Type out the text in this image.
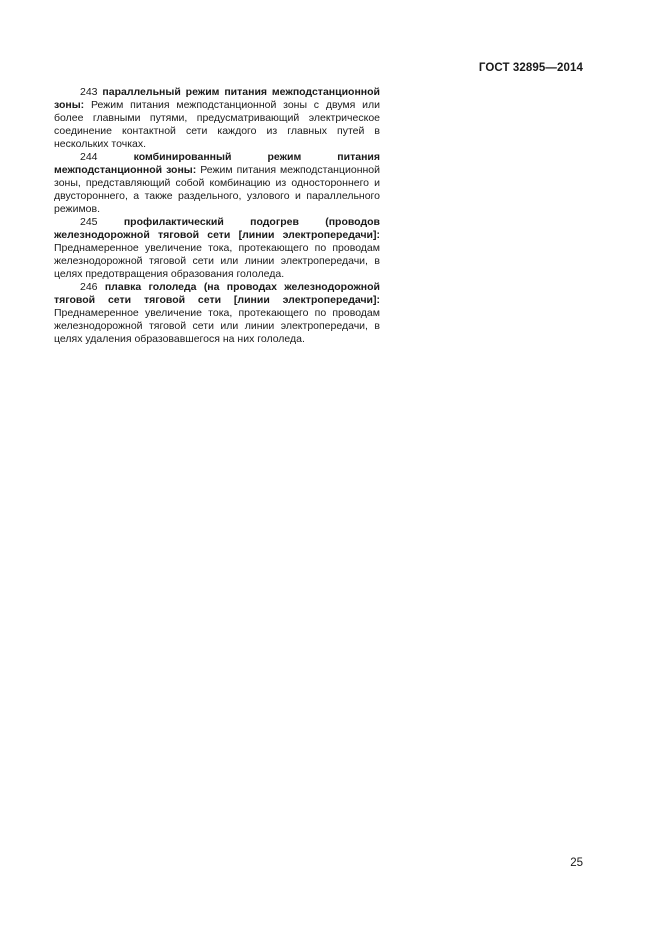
ГОСТ 32895—2014

243 параллельный режим питания межподстанционной зоны: Режим питания межподстанционной зоны с двумя или более главными путями, предусматривающий электрическое соединение контактной сети каждого из главных путей в нескольких точках.

244	комбинированный режим питания межподстанционной зоны: Режим питания межподстанционной зоны, представляющий собой комбинацию из одностороннего и двустороннего, а также раздельного, узлового и параллельного режимов.

245	профилактический подогрев (проводов железнодорожной тяговой сети [линии электропередачи]: Преднамеренное увеличение тока, протекающего по проводам железнодорожной тяговой сети или линии электропередачи, в целях предотвращения образования гололеда.

246 плавка гололеда (на проводах железнодорожной тяговой сети тяговой сети [линии электропередачи]: Преднамеренное увеличение тока, протекающего по проводам железнодорожной тяговой сети или линии электропередачи, в целях удаления образовавшегося на них гололеда.

25
